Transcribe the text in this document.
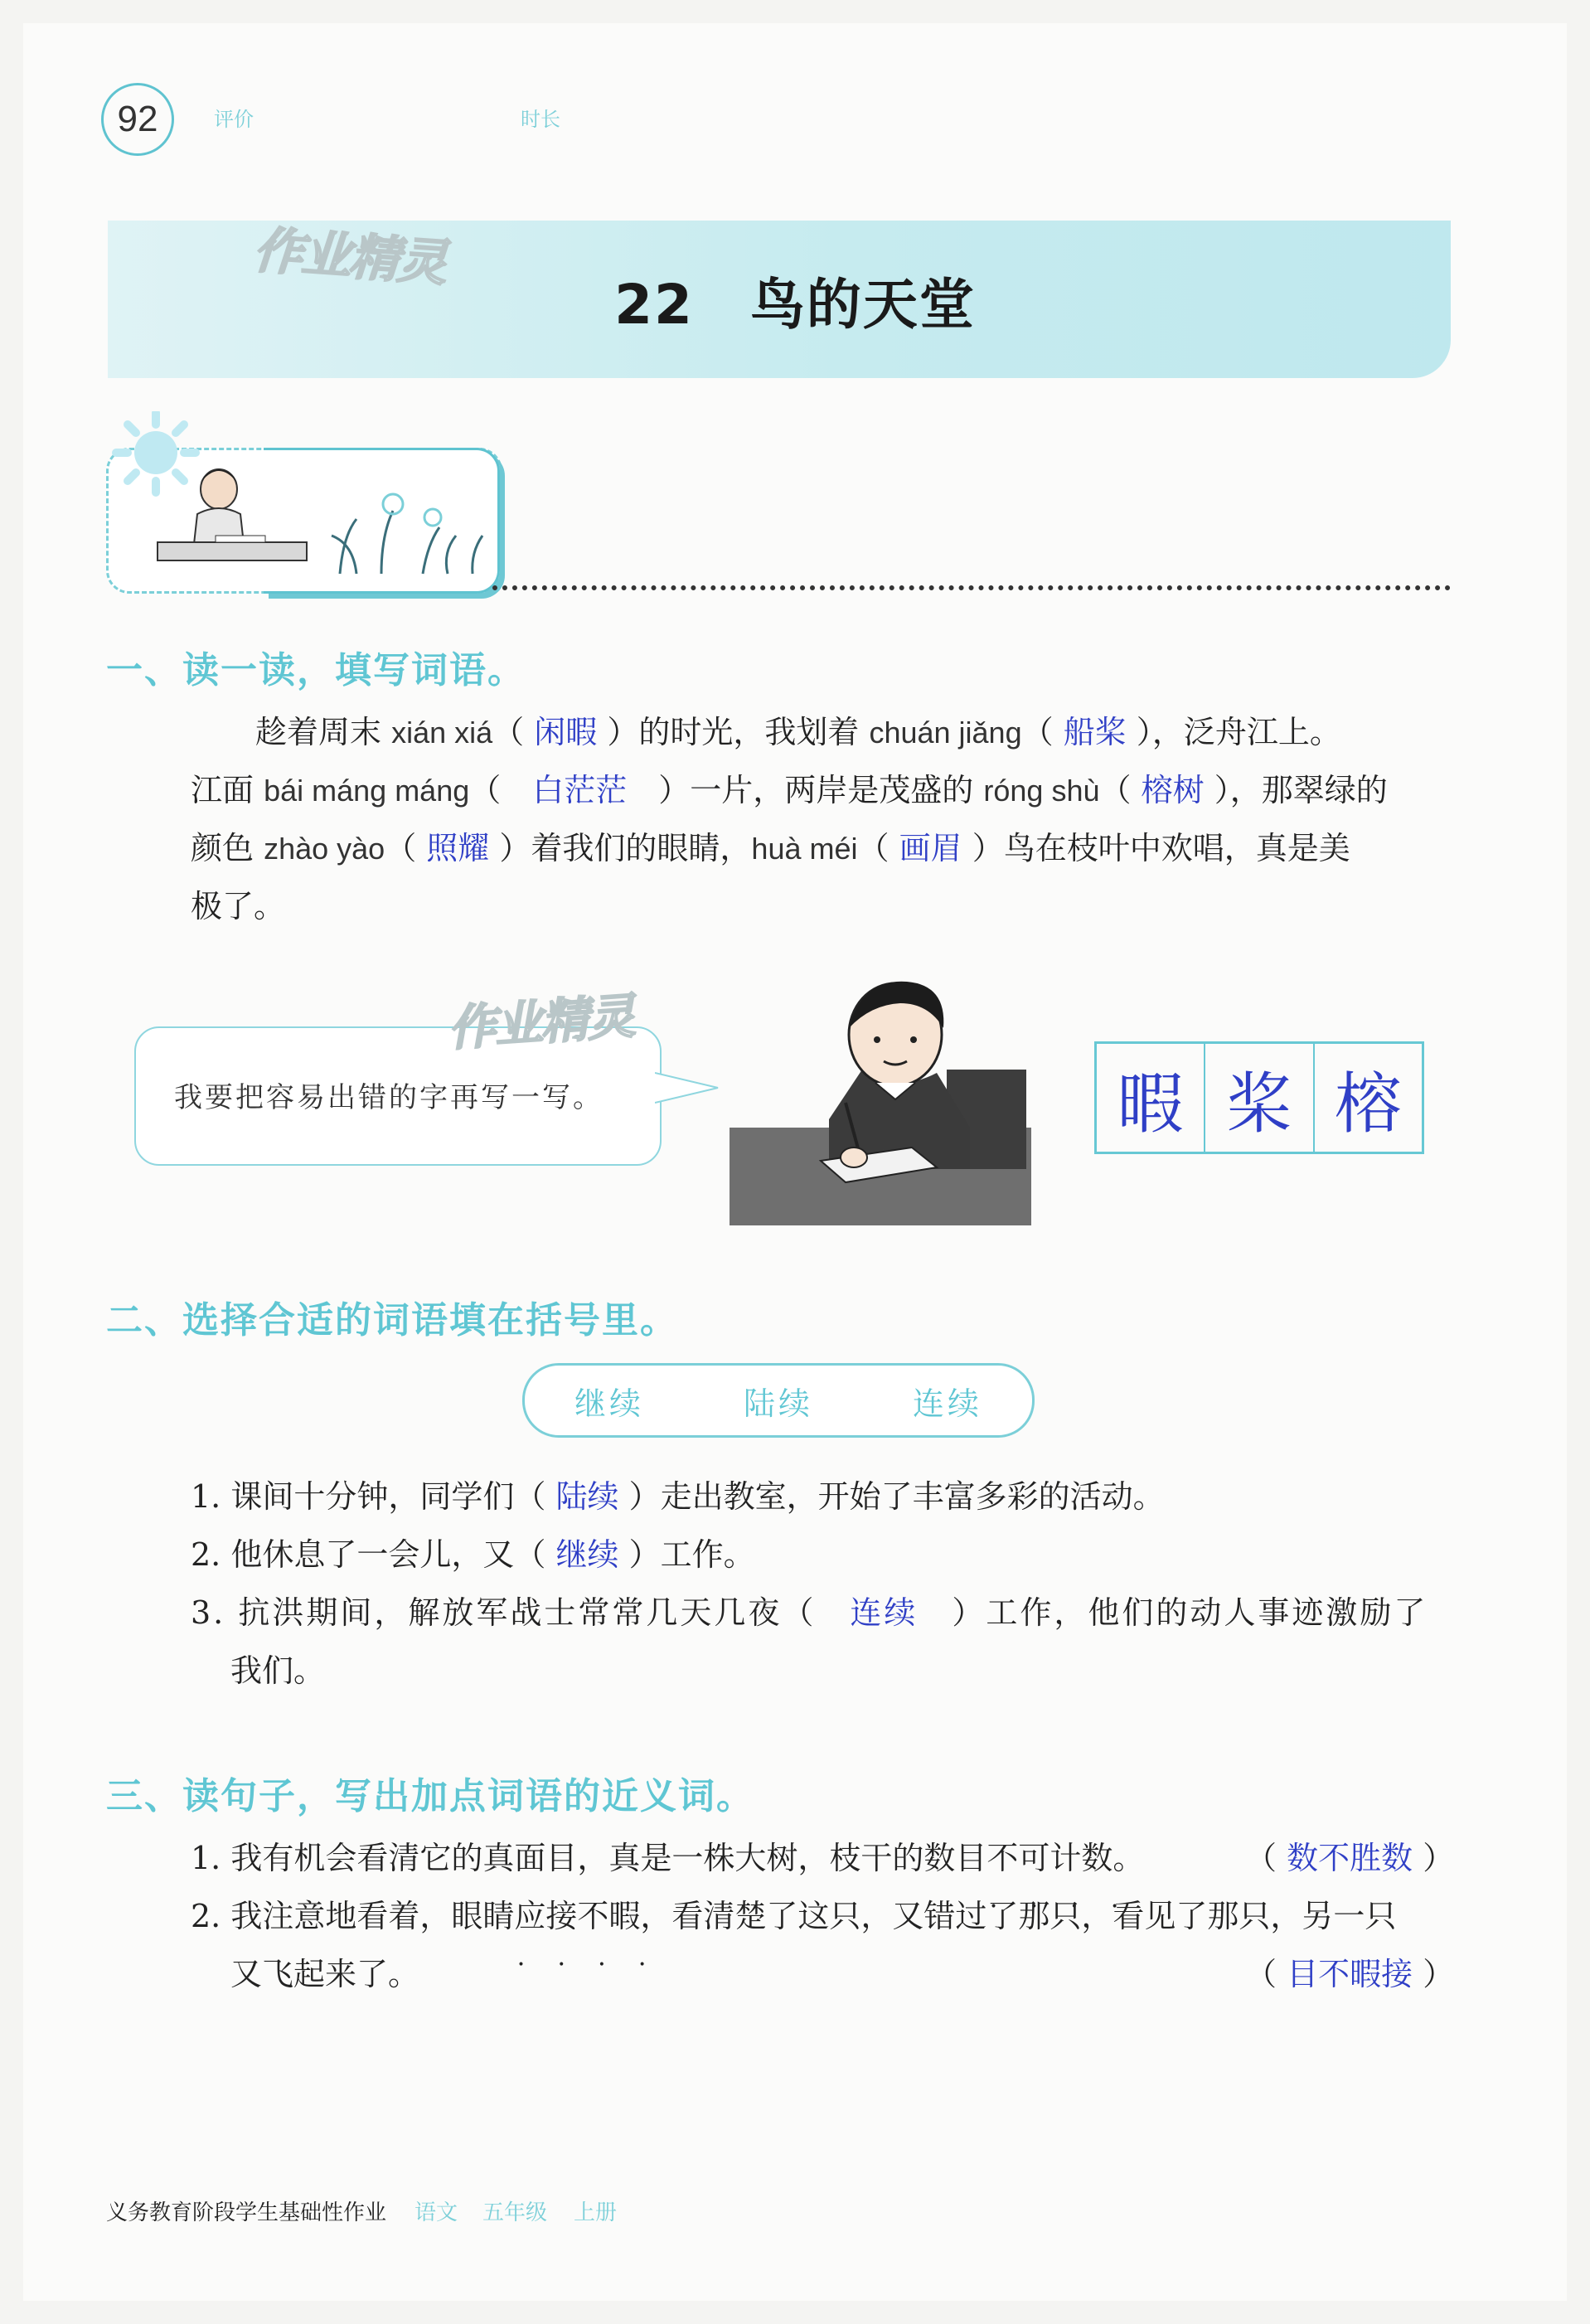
92	评价	时长
作业精灵
22　鸟的天堂
一、读一读，填写词语。
趁着周末 xián xiá（ 闲暇 ）的时光，我划着 chuán jiǎng（ 船桨 ），泛舟江上。
江面 bái máng máng（　白茫茫　）一片，两岸是茂盛的 róng shù（ 榕树 ），那翠绿的
颜色 zhào yào（ 照耀 ）着我们的眼睛，huà méi（ 画眉 ）鸟在枝叶中欢唱，真是美
极了。
我要把容易出错的字再写一写。
作业精灵
暇 桨 榕
二、选择合适的词语填在括号里。
继续	陆续	连续
1. 课间十分钟，同学们（ 陆续 ）走出教室，开始了丰富多彩的活动。
2. 他休息了一会儿，又（ 继续 ）工作。
3. 抗洪期间，解放军战士常常几天几夜（　 连续　 ）工作，他们的动人事迹激励了
我们。
三、读句子，写出加点词语的近义词。
1. 我有机会看清它的真面目，真是一株大树，枝干的数目不可计数 • • • •。	（ 数不胜数 ）
2. 我注意地看着，眼睛应接不暇 • • • •，看清楚了这只，又错过了那只，看见了那只，另一只
又飞起来了。	（ 目不暇接 ）
义务教育阶段学生基础性作业 语文 五年级 上册
